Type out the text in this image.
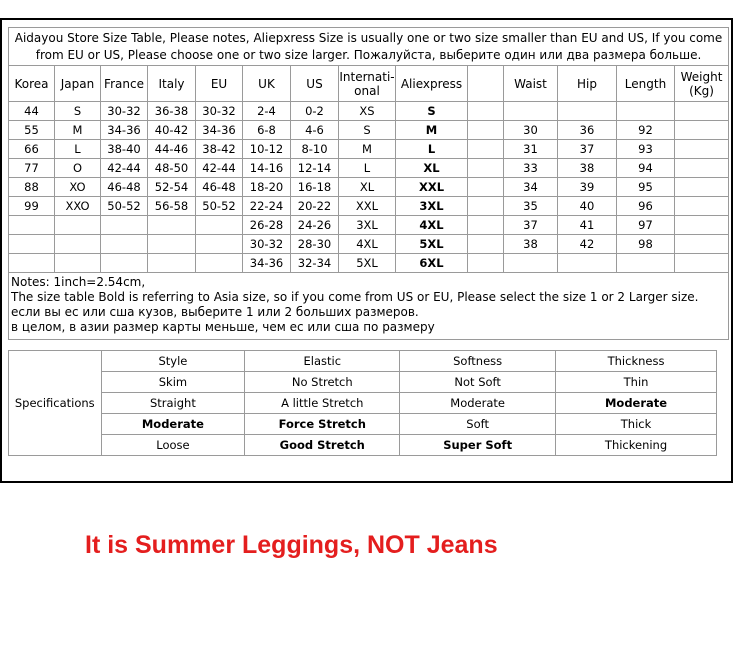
Aidayou Store Size Table, Please notes, Aliepxress Size is usually one or two size smaller than EU and US, If you come from EU or US, Please choose one or two size larger. Пожалуйста, выберите один или два размера больше.													
Korea	Japan	France	Italy	EU	UK	US	Internati-onal	Aliexpress		Waist	Hip	Length	Weight (Kg)
44	S	30-32	36-38	30-32	2-4	0-2	XS	S					
55	M	34-36	40-42	34-36	6-8	4-6	S	M		30	36	92	
66	L	38-40	44-46	38-42	10-12	8-10	M	L		31	37	93	
77	O	42-44	48-50	42-44	14-16	12-14	L	XL		33	38	94	
88	XO	46-48	52-54	46-48	18-20	16-18	XL	XXL		34	39	95	
99	XXO	50-52	56-58	50-52	22-24	20-22	XXL	3XL		35	40	96	
					26-28	24-26	3XL	4XL		37	41	97	
					30-32	28-30	4XL	5XL		38	42	98	
					34-36	32-34	5XL	6XL					

Notes: 1inch=2.54cm,
The size table Bold is referring to Asia size, so if you come from US or EU, Please select the size 1 or 2 Larger size.
если вы ес или сша кузов, выберите 1 или 2 больших размеров.
в целом, в азии размер карты меньше, чем ес или сша по размеру													
Specifications	Style	Elastic	Softness	Thickness
	Skim	No Stretch	Not Soft	Thin
	Straight	A little Stretch	Moderate	Moderate
	Moderate	Force Stretch	Soft	Thick
	Loose	Good Stretch	Super Soft	Thickening
It is Summer Leggings, NOT Jeans
